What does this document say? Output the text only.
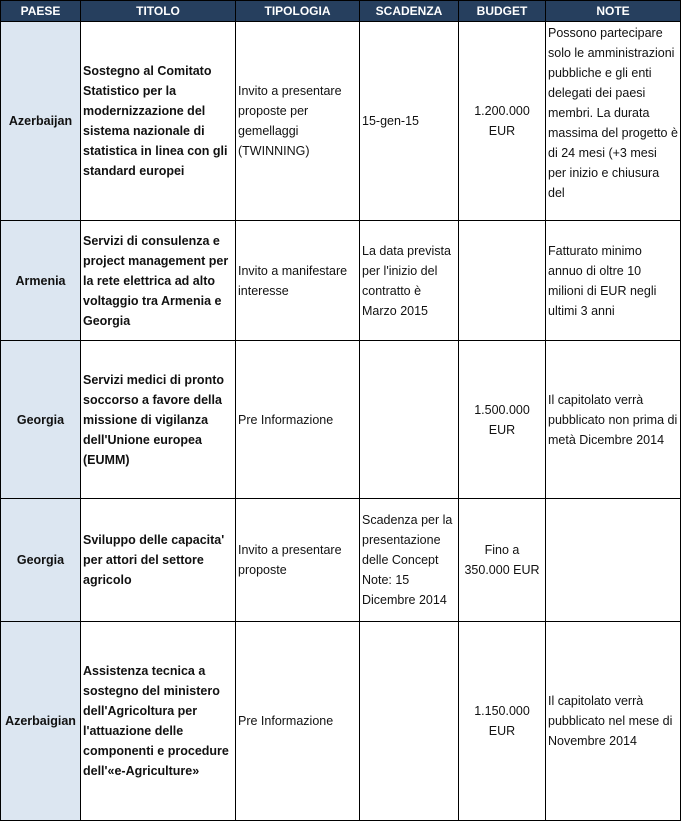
PAESE	TITOLO	TIPOLOGIA	SCADENZA	BUDGET	NOTE
Azerbaijan	Sostegno al Comitato Statistico per la modernizzazione del sistema nazionale di statistica in linea con gli standard europei	Invito a presentare proposte per gemellaggi (TWINNING)	15-gen-15	1.200.000 EUR	Possono partecipare solo le amministrazioni pubbliche e gli enti delegati dei paesi membri. La durata massima del progetto è di 24 mesi (+3 mesi per inizio e chiusura del

Armenia	Servizi di consulenza e project management per la rete elettrica ad alto voltaggio tra Armenia e Georgia	Invito a manifestare interesse	La data prevista per l'inizio del contratto è Marzo 2015		Fatturato minimo annuo di oltre 10 milioni di EUR negli ultimi 3 anni
Georgia	Servizi medici di pronto soccorso a favore della missione di vigilanza dell'Unione europea (EUMM)	Pre Informazione		1.500.000 EUR	Il capitolato verrà pubblicato non prima di metà Dicembre 2014
Georgia	Sviluppo delle capacita' per attori del settore agricolo	Invito a presentare proposte	Scadenza per la presentazione delle Concept Note: 15 Dicembre 2014	Fino a 350.000 EUR	
Azerbaigian	Assistenza tecnica a sostegno del ministero dell'Agricoltura per l'attuazione delle componenti e procedure dell'«e-Agriculture»	Pre Informazione		1.150.000 EUR	Il capitolato verrà pubblicato nel mese di Novembre 2014
